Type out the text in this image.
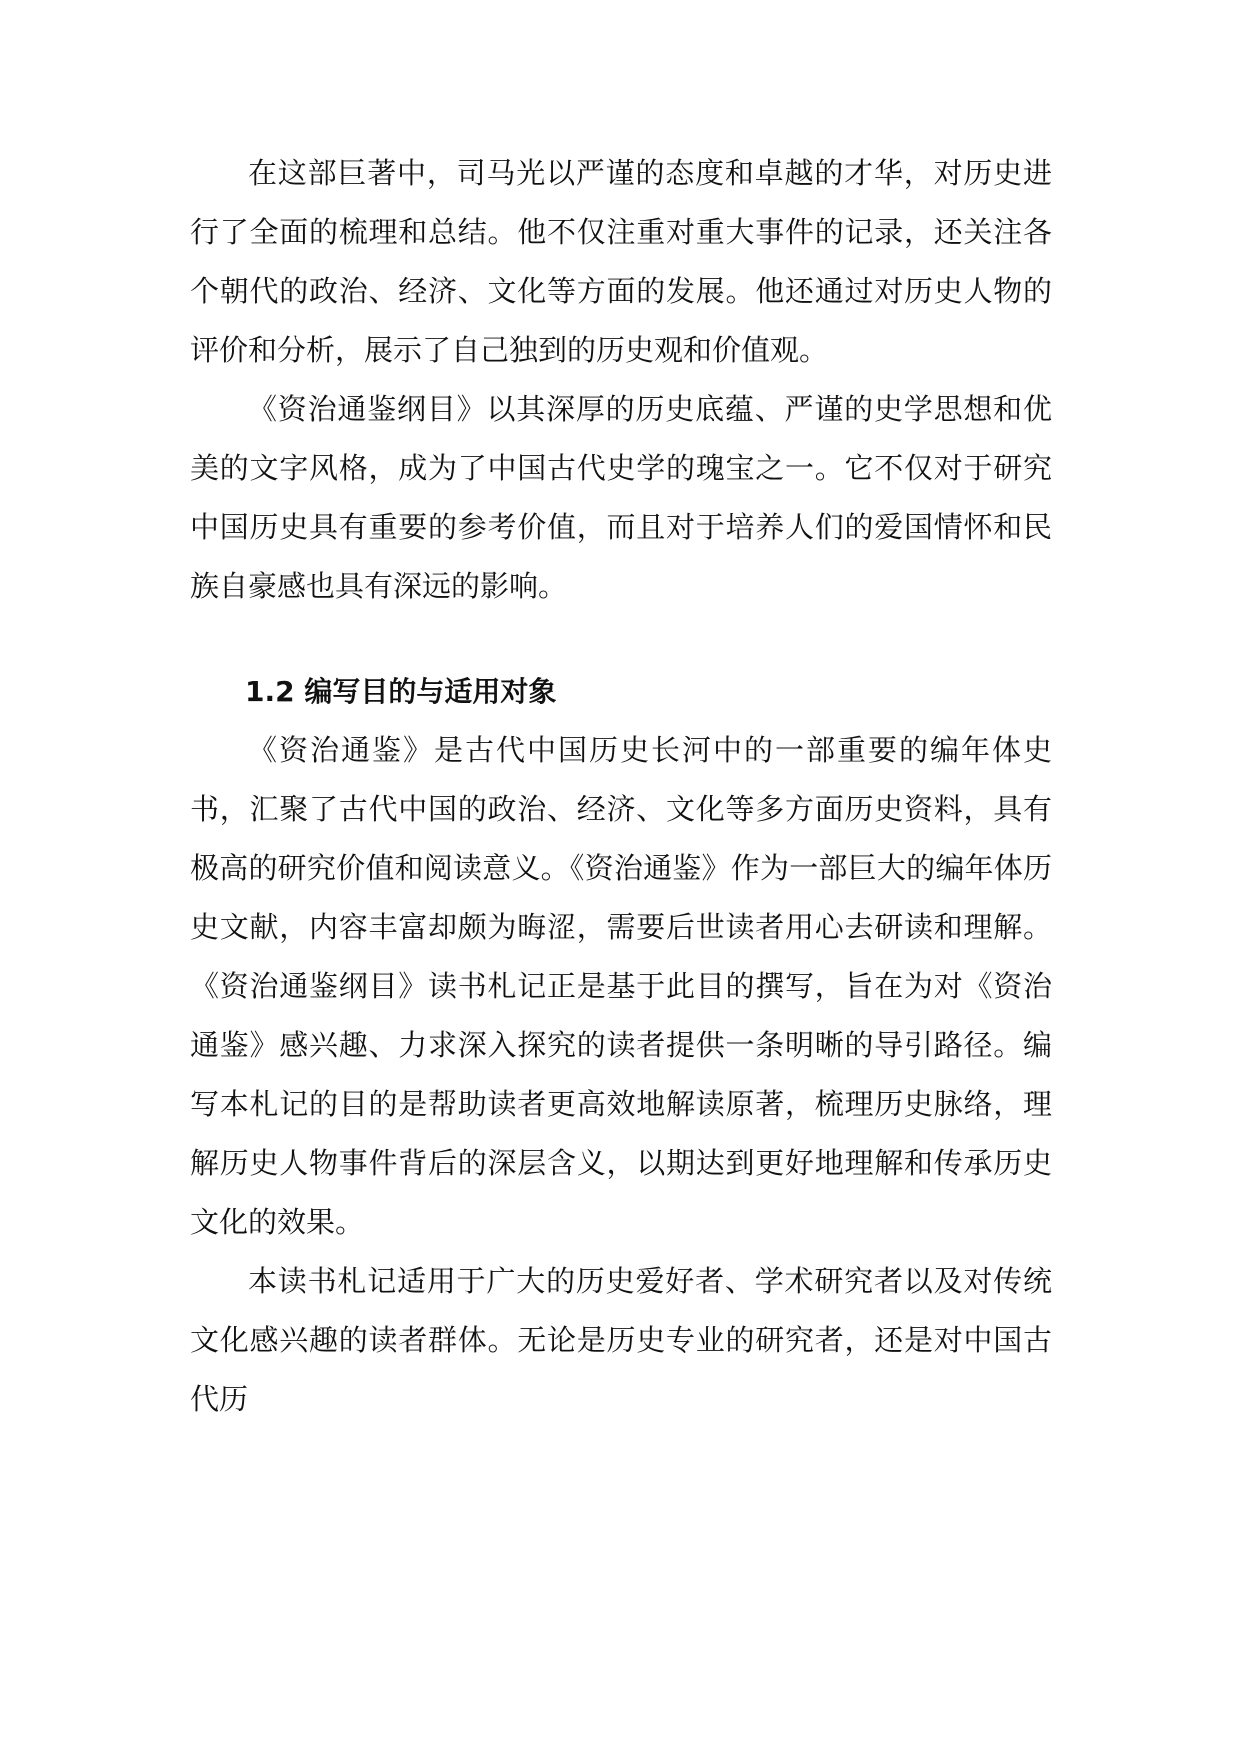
在这部巨著中，司马光以严谨的态度和卓越的才华，对历史进行了全面的梳理和总结。他不仅注重对重大事件的记录，还关注各个朝代的政治、经济、文化等方面的发展。他还通过对历史人物的评价和分析，展示了自己独到的历史观和价值观。

《资治通鉴纲目》以其深厚的历史底蕴、严谨的史学思想和优美的文字风格，成为了中国古代史学的瑰宝之一。它不仅对于研究中国历史具有重要的参考价值，而且对于培养人们的爱国情怀和民族自豪感也具有深远的影响。

1.2 编写目的与适用对象

《资治通鉴》是古代中国历史长河中的一部重要的编年体史书，汇聚了古代中国的政治、经济、文化等多方面历史资料，具有极高的研究价值和阅读意义。《资治通鉴》作为一部巨大的编年体历史文献，内容丰富却颇为晦涩，需要后世读者用心去研读和理解。《资治通鉴纲目》读书札记正是基于此目的撰写，旨在为对《资治通鉴》感兴趣、力求深入探究的读者提供一条明晰的导引路径。编写本札记的目的是帮助读者更高效地解读原著，梳理历史脉络，理解历史人物事件背后的深层含义，以期达到更好地理解和传承历史文化的效果。

本读书札记适用于广大的历史爱好者、学术研究者以及对传统文化感兴趣的读者群体。无论是历史专业的研究者，还是对中国古代历
